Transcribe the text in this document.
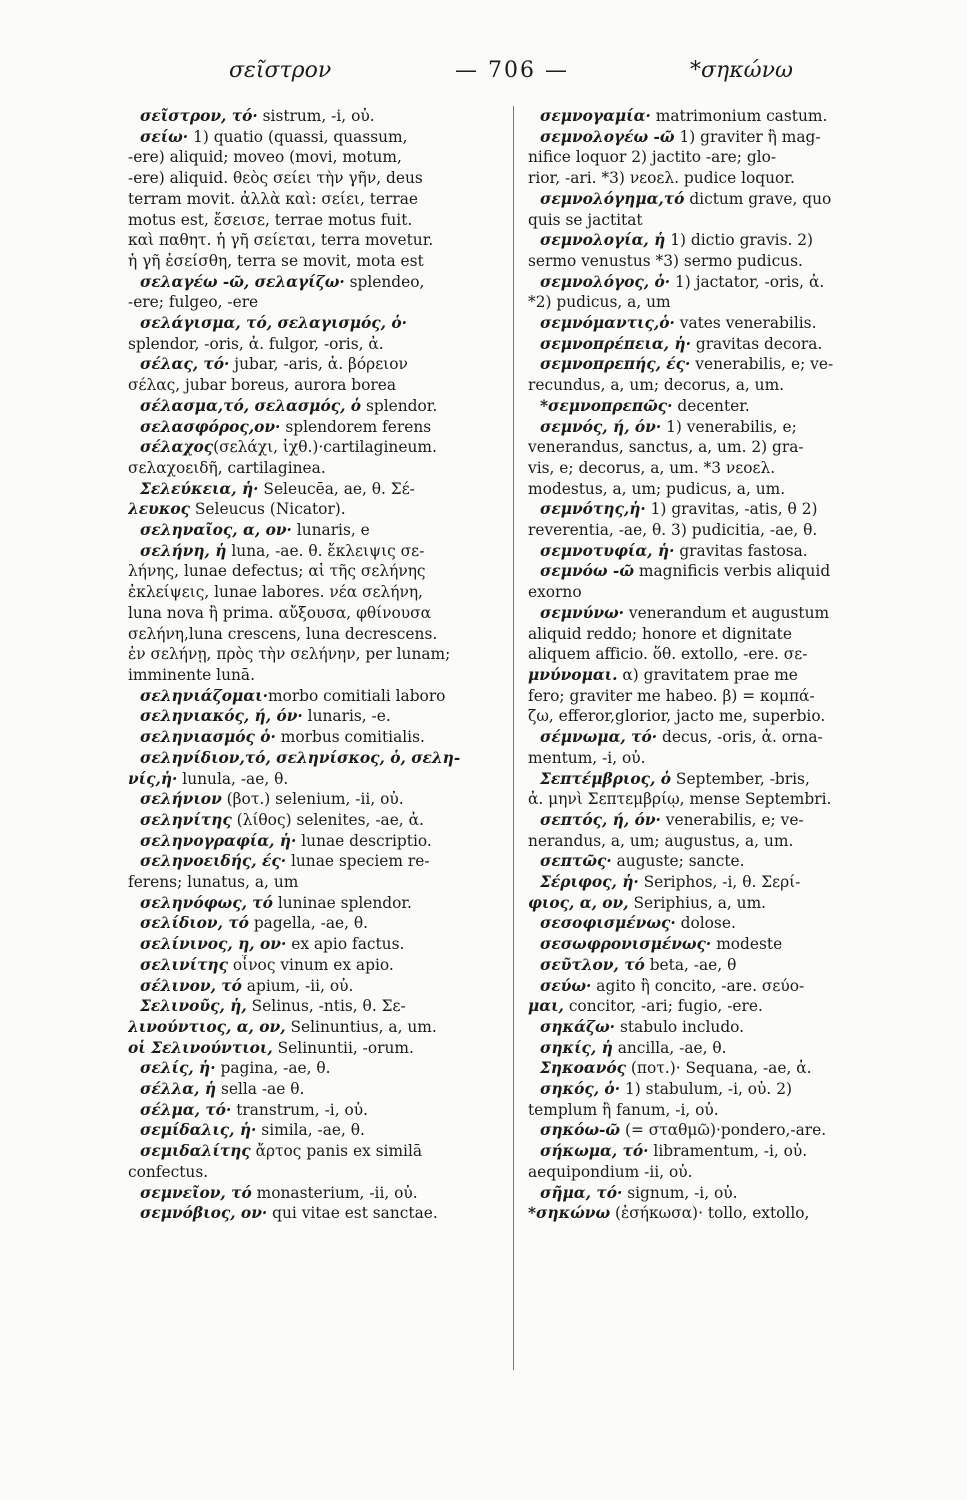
σεῖστρον	— 706 —	*σηκώνω
σεῖστρον, τό· sistrum, -i, οὐ.
σείω· 1) quatio (quassi, quassum,
-ere) aliquid; moveo (movi, motum,
-ere) aliquid. θεὸς σείει τὴν γῆν, deus
terram movit. ἀλλὰ καὶ: σείει, terrae
motus est, ἔσεισε, terrae motus fuit.
καὶ παθητ. ἡ γῆ σείεται, terra movetur.
ἡ γῆ ἐσείσθη, terra se movit, mota est
σελαγέω -ῶ, σελαγίζω· splendeo,
-ere; fulgeo, -ere
σελάγισμα, τό, σελαγισμός, ὁ·
splendor, -oris, ἀ. fulgor, -oris, ἀ.
σέλας, τό· jubar, -aris, ἀ. βόρειον
σέλας, jubar boreus, aurora borea
σέλασμα,τό, σελασμός, ὁ splendor.
σελασφόρος,ον· splendorem ferens
σέλαχος(σελάχι, ἰχθ.)·cartilagineum.
σελαχοειδῆ, cartilaginea.
Σελεύκεια, ἡ· Seleucēa, ae, θ. Σέ-
λευκος Seleucus (Nicator).
σεληναῖος, α, ον· lunaris, e
σελήνη, ἡ luna, -ae. θ. ἔκλειψις σε-
λήνης, lunae defectus; αἱ τῆς σελήνης
ἐκλείψεις, lunae labores. νέα σελήνη,
luna nova ἢ prima. αὔξουσα, φθίνουσα
σελήνη,luna crescens, luna decrescens.
ἐν σελήνῃ, πρὸς τὴν σελήνην, per lunam;
imminente lunā.
σεληνιάζομαι·morbo comitiali laboro
σεληνιακός, ή, όν· lunaris, -e.
σεληνιασμός ὁ· morbus comitialis.
σεληνίδιον,τό, σεληνίσκος, ὁ, σελη-
νίς,ἡ· lunula, -ae, θ.
σελήνιον (βοτ.) selenium, -ii, οὐ.
σεληνίτης (λίθος) selenites, -ae, ἀ.
σεληνογραφία, ἡ· lunae descriptio.
σεληνοειδής, ές· lunae speciem re-
ferens; lunatus, a, um
σεληνόφως, τό luninae splendor.
σελίδιον, τό pagella, -ae, θ.
σελίνινος, η, ον· ex apio factus.
σελινίτης οἶνος vinum ex apio.
σέλινον, τό apium, -ii, οὐ.
Σελινοῦς, ἡ, Selinus, -ntis, θ. Σε-
λινούντιος, α, ον, Selinuntius, a, um.
οἱ Σελινούντιοι, Selinuntii, -orum.
σελίς, ἡ· pagina, -ae, θ.
σέλλα, ἡ sella -ae θ.
σέλμα, τό· transtrum, -i, οὐ.
σεμίδαλις, ἡ· simila, -ae, θ.
σεμιδαλίτης ἄρτος panis ex similā
confectus.
σεμνεῖον, τό monasterium, -ii, οὐ.
σεμνόβιος, ον· qui vitae est sanctae.
σεμνογαμία· matrimonium castum.
σεμνολογέω -ῶ 1) graviter ἢ mag-
nifice loquor 2) jactito -are; glo-
rior, -ari. *3) νεοελ. pudice loquor.
σεμνολόγημα,τό dictum grave, quo
quis se jactitat
σεμνολογία, ἡ 1) dictio gravis. 2)
sermo venustus *3) sermo pudicus.
σεμνολόγος, ὁ· 1) jactator, -oris, ἀ.
*2) pudicus, a, um
σεμνόμαντις,ὁ· vates venerabilis.
σεμνοπρέπεια, ἡ· gravitas decora.
σεμνοπρεπής, ές· venerabilis, e; ve-
recundus, a, um; decorus, a, um.
*σεμνοπρεπῶς· decenter.
σεμνός, ή, όν· 1) venerabilis, e;
venerandus, sanctus, a, um. 2) gra-
vis, e; decorus, a, um. *3 νεοελ.
modestus, a, um; pudicus, a, um.
σεμνότης,ἡ· 1) gravitas, -atis, θ 2)
reverentia, -ae, θ. 3) pudicitia, -ae, θ.
σεμνοτυφία, ἡ· gravitas fastosa.
σεμνόω -ῶ magnificis verbis aliquid
exorno
σεμνύνω· venerandum et augustum
aliquid reddo; honore et dignitate
aliquem afficio. ὅθ. extollo, -ere. σε-
μνύνομαι. α) gravitatem prae me
fero; graviter me habeo. β) = κομπά-
ζω, efferor,glorior, jacto me, superbio.
σέμνωμα, τό· decus, -oris, ἀ. orna-
mentum, -i, οὐ.
Σεπτέμβριος, ὁ September, -bris,
ἀ. μηνὶ Σεπτεμβρίῳ, mense Septembri.
σεπτός, ή, όν· venerabilis, e; ve-
nerandus, a, um; augustus, a, um.
σεπτῶς· auguste; sancte.
Σέριφος, ἡ· Seriphos, -i, θ. Σερί-
φιος, α, ον, Seriphius, a, um.
σεσοφισμένως· dolose.
σεσωφρονισμένως· modeste
σεῦτλον, τό beta, -ae, θ
σεύω· agito ἢ concito, -are. σεύο-
μαι, concitor, -ari; fugio, -ere.
σηκάζω· stabulo includo.
σηκίς, ἡ ancilla, -ae, θ.
Σηκοανός (ποτ.)· Sequana, -ae, ἀ.
σηκός, ὁ· 1) stabulum, -i, οὐ. 2)
templum ἢ fanum, -i, οὐ.
σηκόω-ῶ (= σταθμῶ)·pondero,-are.
σήκωμα, τό· libramentum, -i, οὐ.
aequipondium -ii, οὐ.
σῆμα, τό· signum, -i, οὐ.
*σηκώνω (ἐσήκωσα)· tollo, extollo,
